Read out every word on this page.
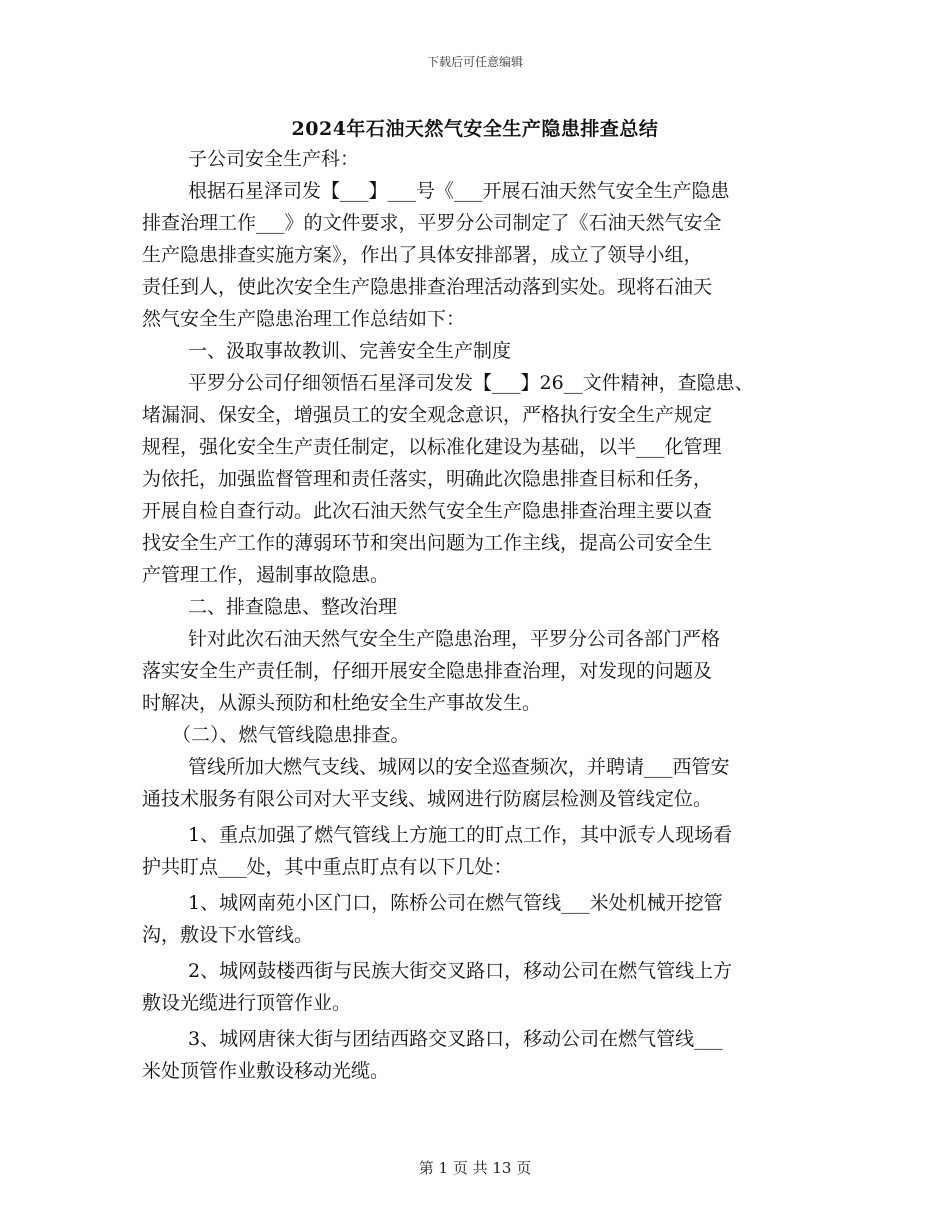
下载后可任意编辑
2024年石油天然气安全生产隐患排查总结
子公司安全生产科：
根据石星泽司发【___】___号《___开展石油天然气安全生产隐患
排查治理工作___》的文件要求，平罗分公司制定了《石油天然气安全
生产隐患排查实施方案》，作出了具体安排部署，成立了领导小组，
责任到人，使此次安全生产隐患排查治理活动落到实处。现将石油天
然气安全生产隐患治理工作总结如下：
一、汲取事故教训、完善安全生产制度
平罗分公司仔细领悟石星泽司发发【___】26__文件精神，查隐患、
堵漏洞、保安全，增强员工的安全观念意识，严格执行安全生产规定
规程，强化安全生产责任制定，以标准化建设为基础，以半___化管理
为依托，加强监督管理和责任落实，明确此次隐患排查目标和任务，
开展自检自查行动。此次石油天然气安全生产隐患排查治理主要以查
找安全生产工作的薄弱环节和突出问题为工作主线，提高公司安全生
产管理工作，遏制事故隐患。
二、排查隐患、整改治理
针对此次石油天然气安全生产隐患治理，平罗分公司各部门严格
落实安全生产责任制，仔细开展安全隐患排查治理，对发现的问题及
时解决，从源头预防和杜绝安全生产事故发生。
（二）、燃气管线隐患排查。
管线所加大燃气支线、城网以的安全巡查频次，并聘请___西管安
通技术服务有限公司对大平支线、城网进行防腐层检测及管线定位。
1、重点加强了燃气管线上方施工的盯点工作，其中派专人现场看
护共盯点___处，其中重点盯点有以下几处：
1、城网南苑小区门口，陈桥公司在燃气管线___米处机械开挖管
沟，敷设下水管线。
2、城网鼓楼西街与民族大街交叉路口，移动公司在燃气管线上方
敷设光缆进行顶管作业。
3、城网唐徕大街与团结西路交叉路口，移动公司在燃气管线___
米处顶管作业敷设移动光缆。
第 1 页 共 13 页
